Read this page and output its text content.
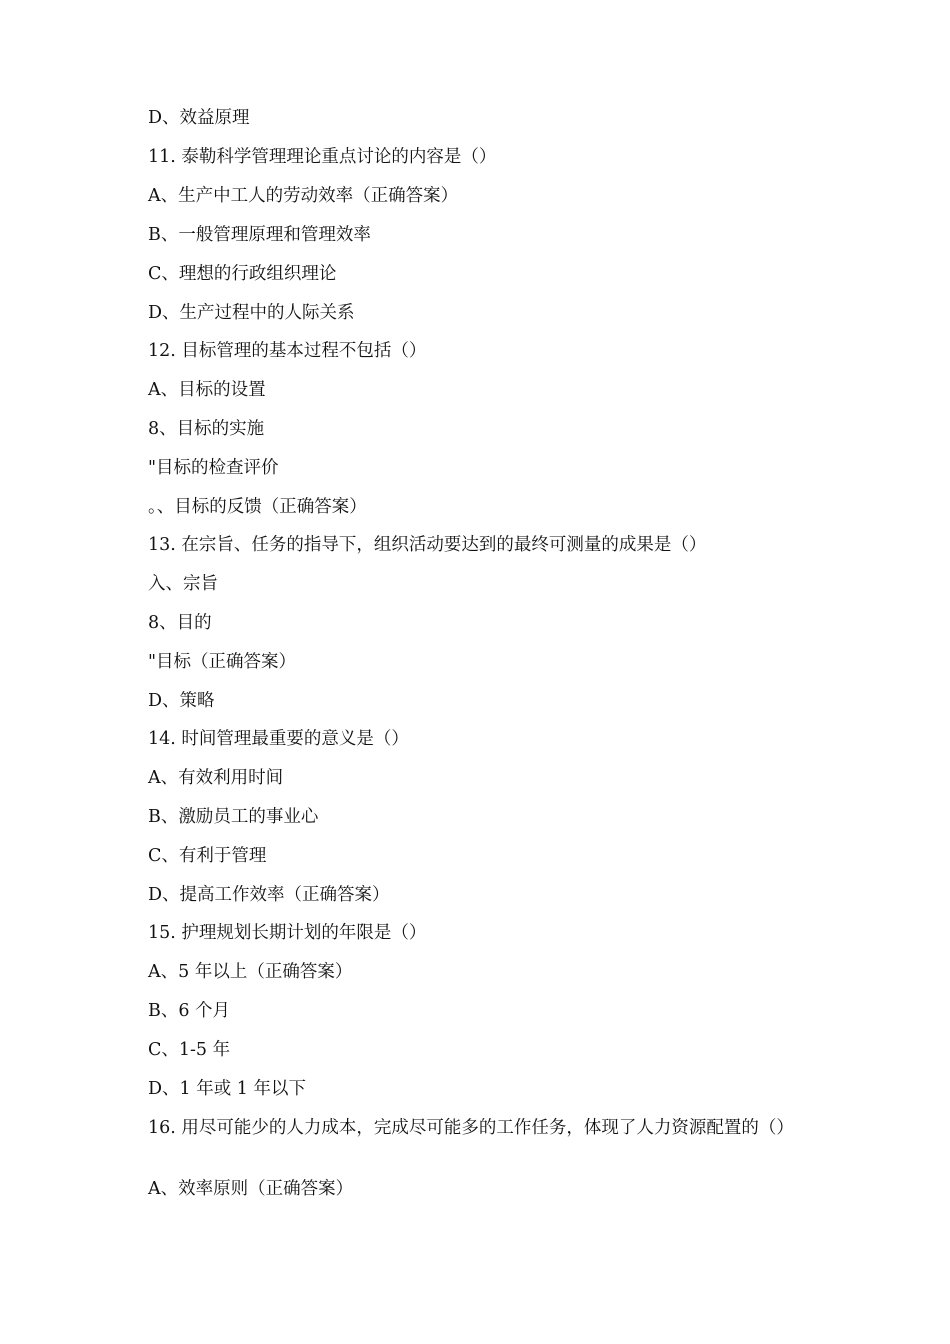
D、效益原理
11. 泰勒科学管理理论重点讨论的内容是（）
A、生产中工人的劳动效率（正确答案）
B、一般管理原理和管理效率
C、理想的行政组织理论
D、生产过程中的人际关系
12. 目标管理的基本过程不包括（）
A、目标的设置
8、目标的实施
"目标的检查评价
。、目标的反馈（正确答案）
13. 在宗旨、任务的指导下，组织活动要达到的最终可测量的成果是（）
入、宗旨
8、目的
"目标（正确答案）
D、策略
14. 时间管理最重要的意义是（）
A、有效利用时间
B、激励员工的事业心
C、有利于管理
D、提高工作效率（正确答案）
15. 护理规划长期计划的年限是（）
A、5 年以上（正确答案）
B、6 个月
C、1-5 年
D、1 年或 1 年以下
16. 用尽可能少的人力成本，完成尽可能多的工作任务，体现了人力资源配置的（）
A、效率原则（正确答案）
